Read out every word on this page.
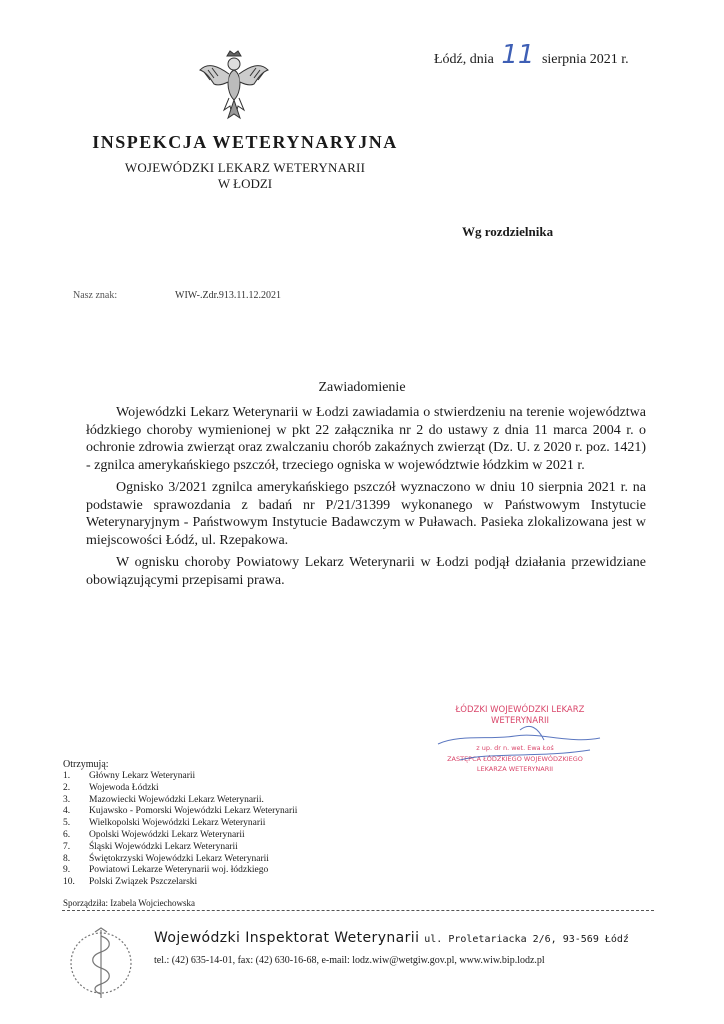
Łódź, dnia 11 sierpnia 2021 r.
INSPEKCJA WETERYNARYJNA
WOJEWÓDZKI LEKARZ WETERYNARII
W ŁODZI
Wg rozdzielnika
Nasz znak:	WIW-.Zdr.913.11.12.2021
Zawiadomienie

Wojewódzki Lekarz Weterynarii w Łodzi zawiadamia o stwierdzeniu na terenie województwa łódzkiego choroby wymienionej w pkt 22 załącznika nr 2 do ustawy z dnia 11 marca 2004 r. o ochronie zdrowia zwierząt oraz zwalczaniu chorób zakaźnych zwierząt (Dz. U. z 2020 r. poz. 1421) - zgnilca amerykańskiego pszczół, trzeciego ogniska w województwie łódzkim w 2021 r.

Ognisko 3/2021 zgnilca amerykańskiego pszczół wyznaczono w dniu 10 sierpnia 2021 r. na podstawie sprawozdania z badań nr P/21/31399 wykonanego w Państwowym Instytucie Weterynaryjnym - Państwowym Instytucie Badawczym w Puławach. Pasieka zlokalizowana jest w miejscowości Łódź, ul. Rzepakowa.

W ognisku choroby Powiatowy Lekarz Weterynarii w Łodzi podjął działania przewidziane obowiązującymi przepisami prawa.

ŁÓDZKI WOJEWÓDZKI LEKARZ
WETERYNARII
z up. dr n. wet. Ewa Łoś
ZASTĘPCA ŁÓDZKIEGO WOJEWÓDZKIEGO
LEKARZA WETERYNARII
Otrzymują:
1.	Główny Lekarz Weterynarii
2.	Wojewoda Łódzki
3.	Mazowiecki Wojewódzki Lekarz Weterynarii.
4.	Kujawsko - Pomorski Wojewódzki Lekarz Weterynarii
5.	Wielkopolski Wojewódzki Lekarz Weterynarii
6.	Opolski Wojewódzki Lekarz Weterynarii
7.	Śląski Wojewódzki Lekarz Weterynarii
8.	Świętokrzyski Wojewódzki Lekarz Weterynarii
9.	Powiatowi Lekarze Weterynarii woj. łódzkiego
10.	Polski Związek Pszczelarski
Sporządziła: Izabela Wojciechowska
Wojewódzki Inspektorat Weterynarii ul. Proletariacka 2/6, 93-569 Łódź
tel.: (42) 635-14-01, fax: (42) 630-16-68, e-mail: lodz.wiw@wetgiw.gov.pl, www.wiw.bip.lodz.pl
